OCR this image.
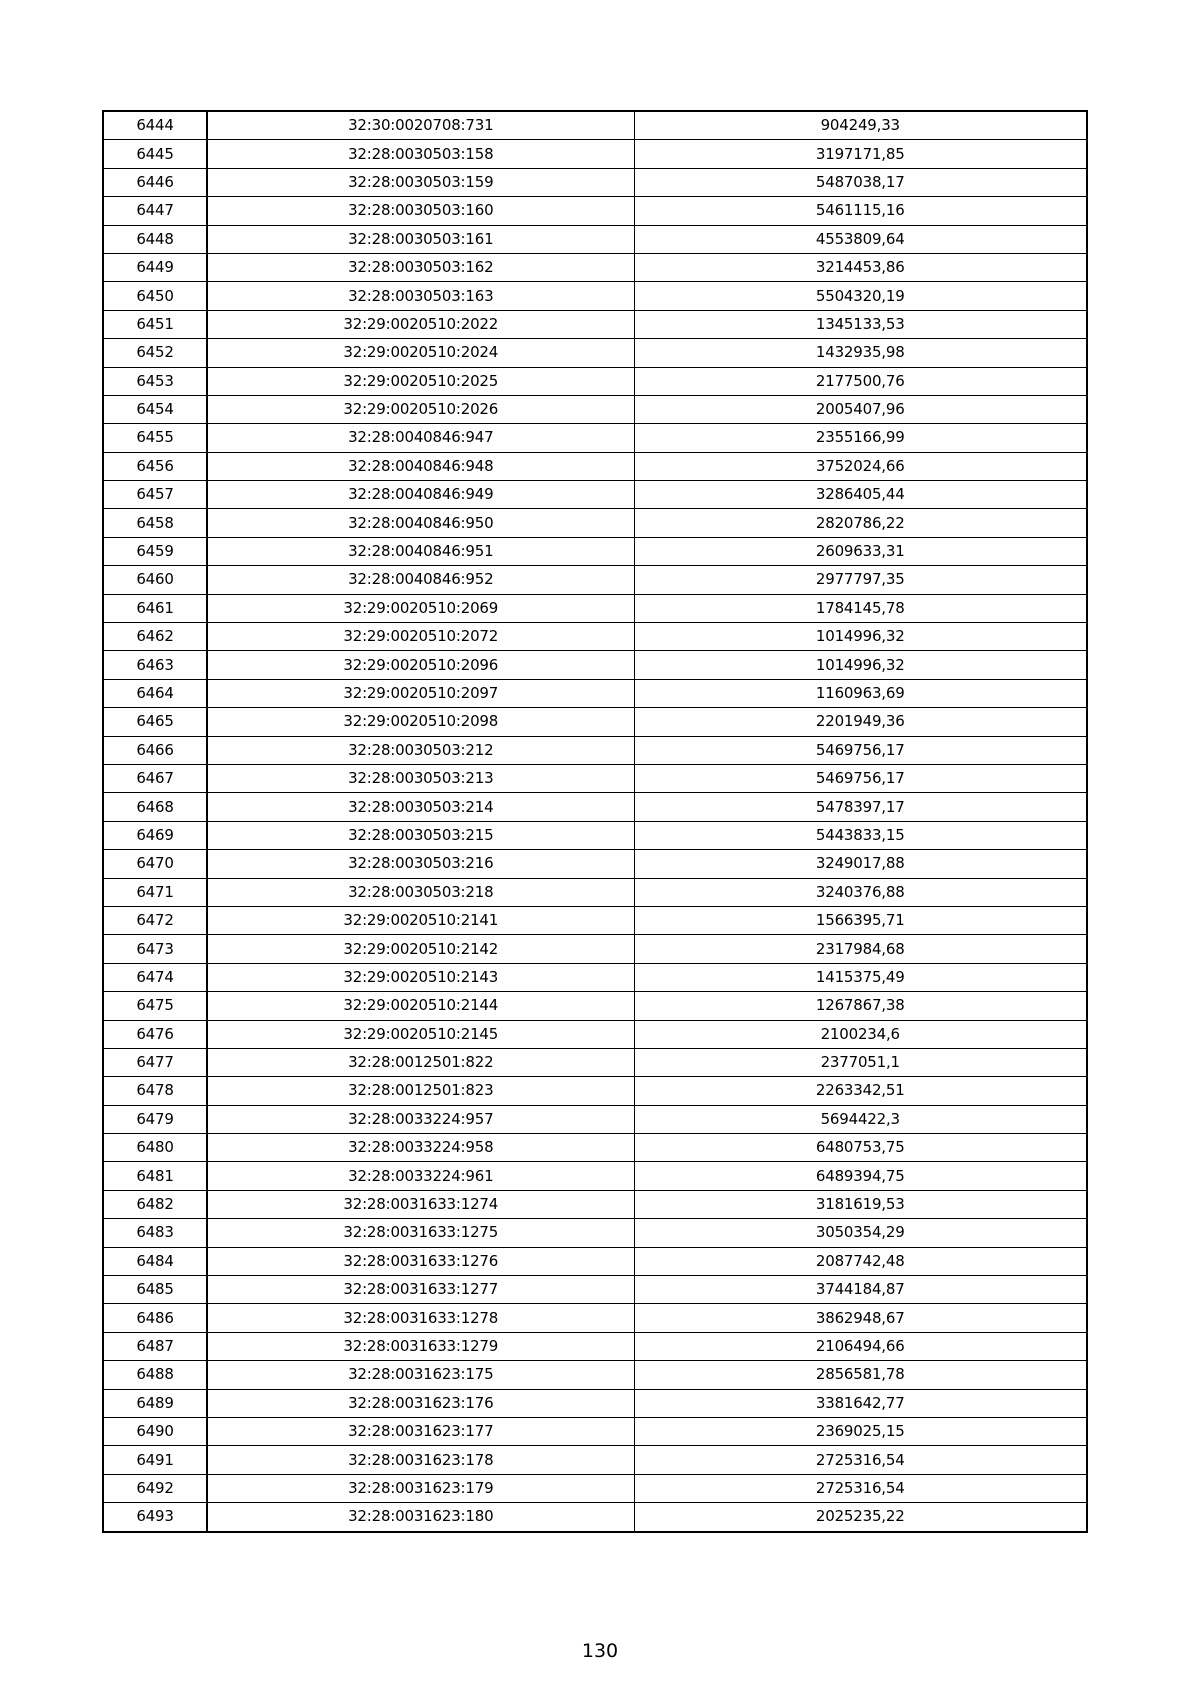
6444	32:30:0020708:731	904249,33
6445	32:28:0030503:158	3197171,85
6446	32:28:0030503:159	5487038,17
6447	32:28:0030503:160	5461115,16
6448	32:28:0030503:161	4553809,64
6449	32:28:0030503:162	3214453,86
6450	32:28:0030503:163	5504320,19
6451	32:29:0020510:2022	1345133,53
6452	32:29:0020510:2024	1432935,98
6453	32:29:0020510:2025	2177500,76
6454	32:29:0020510:2026	2005407,96
6455	32:28:0040846:947	2355166,99
6456	32:28:0040846:948	3752024,66
6457	32:28:0040846:949	3286405,44
6458	32:28:0040846:950	2820786,22
6459	32:28:0040846:951	2609633,31
6460	32:28:0040846:952	2977797,35
6461	32:29:0020510:2069	1784145,78
6462	32:29:0020510:2072	1014996,32
6463	32:29:0020510:2096	1014996,32
6464	32:29:0020510:2097	1160963,69
6465	32:29:0020510:2098	2201949,36
6466	32:28:0030503:212	5469756,17
6467	32:28:0030503:213	5469756,17
6468	32:28:0030503:214	5478397,17
6469	32:28:0030503:215	5443833,15
6470	32:28:0030503:216	3249017,88
6471	32:28:0030503:218	3240376,88
6472	32:29:0020510:2141	1566395,71
6473	32:29:0020510:2142	2317984,68
6474	32:29:0020510:2143	1415375,49
6475	32:29:0020510:2144	1267867,38
6476	32:29:0020510:2145	2100234,6
6477	32:28:0012501:822	2377051,1
6478	32:28:0012501:823	2263342,51
6479	32:28:0033224:957	5694422,3
6480	32:28:0033224:958	6480753,75
6481	32:28:0033224:961	6489394,75
6482	32:28:0031633:1274	3181619,53
6483	32:28:0031633:1275	3050354,29
6484	32:28:0031633:1276	2087742,48
6485	32:28:0031633:1277	3744184,87
6486	32:28:0031633:1278	3862948,67
6487	32:28:0031633:1279	2106494,66
6488	32:28:0031623:175	2856581,78
6489	32:28:0031623:176	3381642,77
6490	32:28:0031623:177	2369025,15
6491	32:28:0031623:178	2725316,54
6492	32:28:0031623:179	2725316,54
6493	32:28:0031623:180	2025235,22
130
